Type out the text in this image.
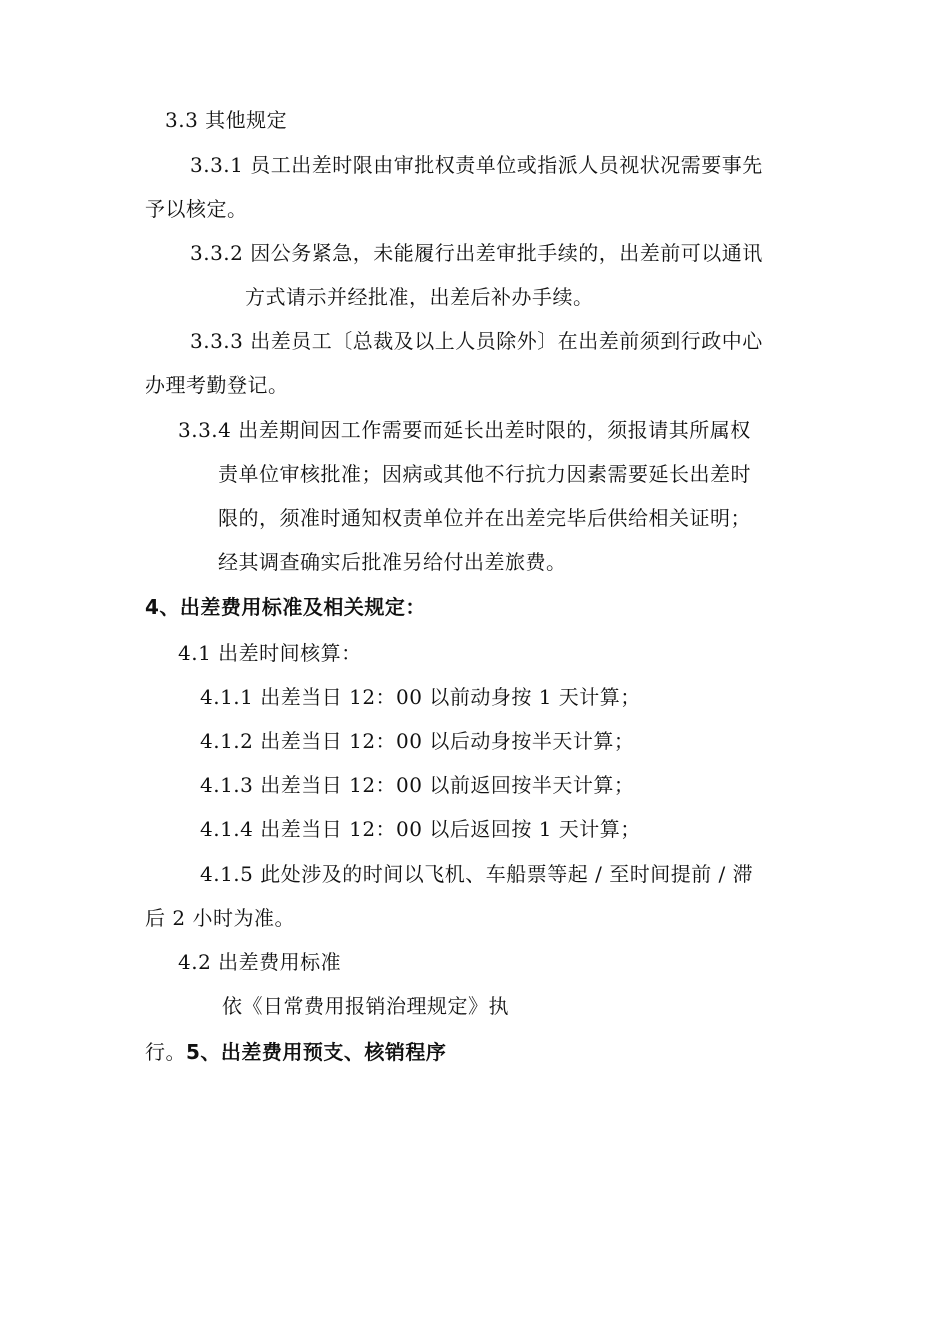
3.3 其他规定
3.3.1 员工出差时限由审批权责单位或指派人员视状况需要事先
予以核定。
3.3.2 因公务紧急，未能履行出差审批手续的，出差前可以通讯
方式请示并经批准，出差后补办手续。
3.3.3 出差员工〔总裁及以上人员除外〕在出差前须到行政中心
办理考勤登记。
3.3.4 出差期间因工作需要而延长出差时限的，须报请其所属权
责单位审核批准；因病或其他不行抗力因素需要延长出差时
限的，须准时通知权责单位并在出差完毕后供给相关证明；
经其调查确实后批准另给付出差旅费。
4、出差费用标准及相关规定：
4.1 出差时间核算：
4.1.1 出差当日 12：00 以前动身按 1 天计算；
4.1.2 出差当日 12：00 以后动身按半天计算；
4.1.3 出差当日 12：00 以前返回按半天计算；
4.1.4 出差当日 12：00 以后返回按 1 天计算；
4.1.5 此处涉及的时间以飞机、车船票等起 / 至时间提前 / 滞
后 2 小时为准。
4.2 出差费用标准
依《日常费用报销治理规定》执
行。5、出差费用预支、核销程序
